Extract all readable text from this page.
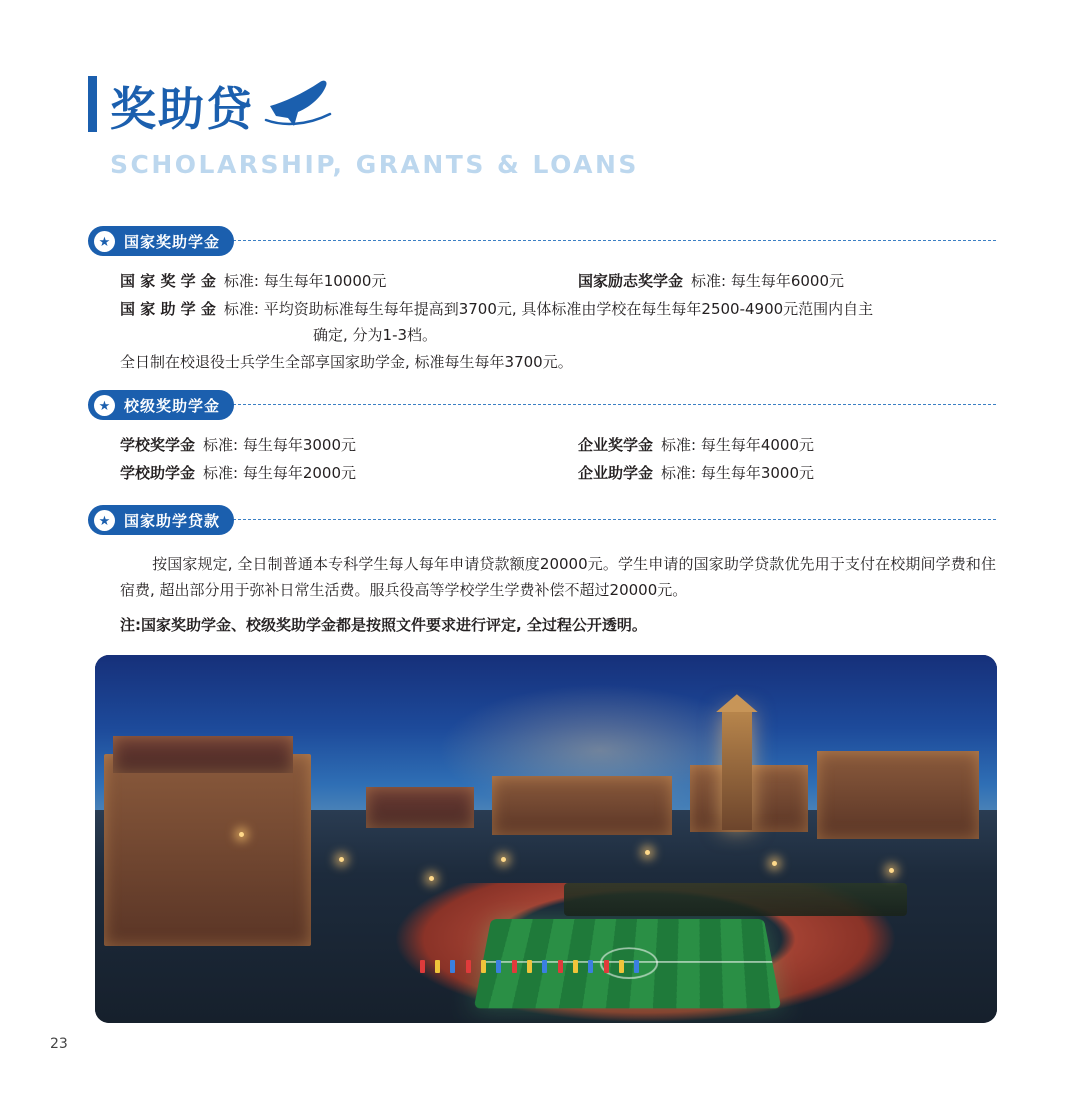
奖助贷
SCHOLARSHIP, GRANTS & LOANS
★ 国家奖助学金
国 家 奖 学 金 标准: 每生每年10000元	国家励志奖学金 标准: 每生每年6000元
国 家 助 学 金 标准: 平均资助标准每生每年提高到3700元, 具体标准由学校在每生每年2500-4900元范围内自主
确定, 分为1-3档。
全日制在校退役士兵学生全部享国家助学金, 标准每生每年3700元。
★ 校级奖助学金
学校奖学金 标准: 每生每年3000元
学校助学金 标准: 每生每年2000元
企业奖学金 标准: 每生每年4000元
企业助学金 标准: 每生每年3000元
★ 国家助学贷款
按国家规定, 全日制普通本专科学生每人每年申请贷款额度20000元。学生申请的国家助学贷款优先用于支付在校期间学费和住宿费, 超出部分用于弥补日常生活费。服兵役高等学校学生学费补偿不超过20000元。
注:国家奖助学金、校级奖助学金都是按照文件要求进行评定, 全过程公开透明。
23
